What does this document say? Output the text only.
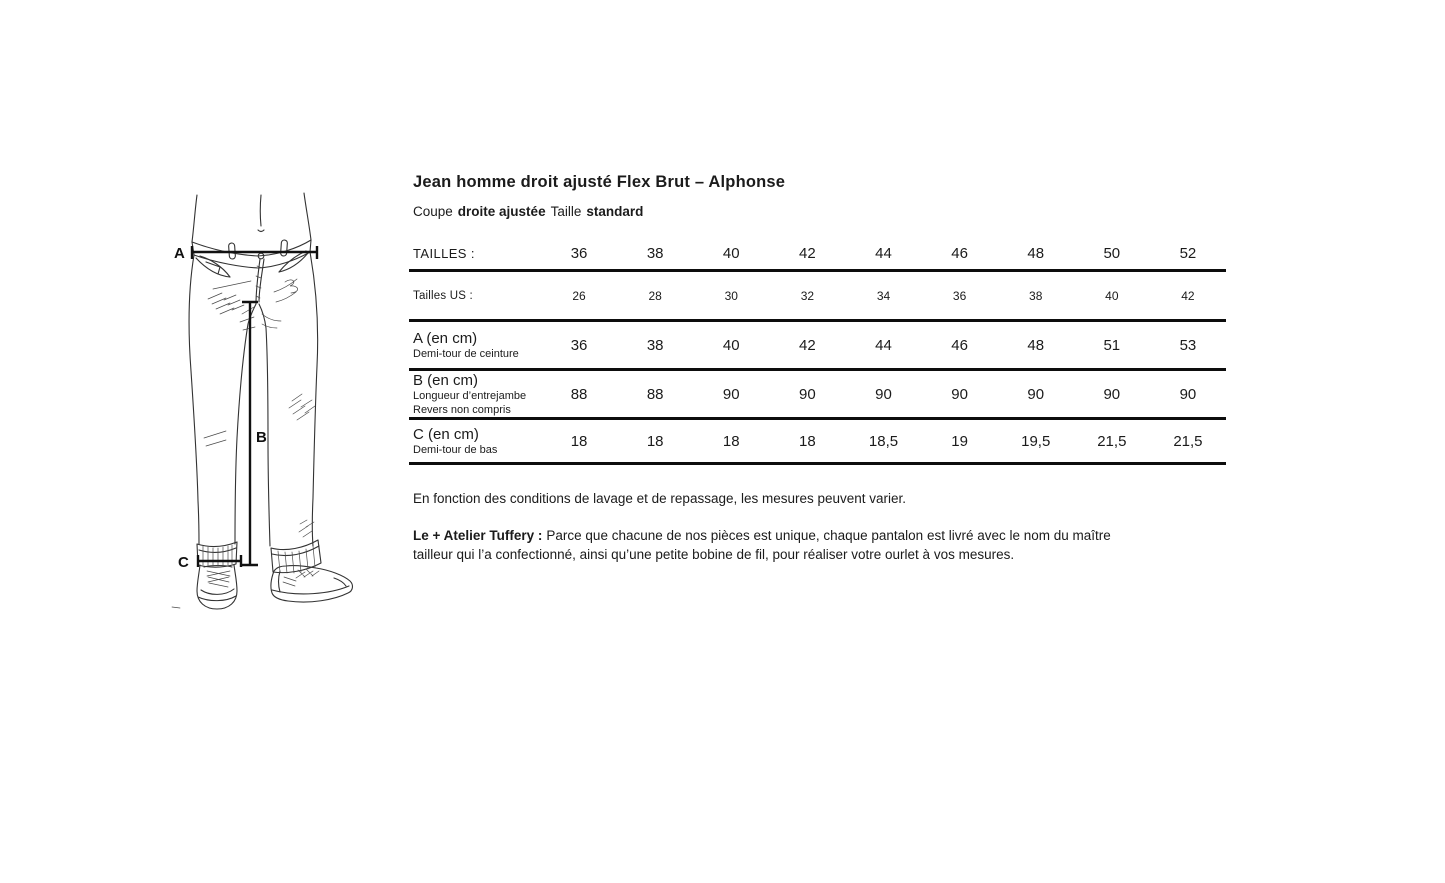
A
B
C
Jean homme droit ajusté Flex Brut – Alphonse
Coupe droite ajustée Taille standard
TAILLES :	36	38	40	42	44	46	48	50	52
Tailles US :	26	28	30	32	34	36	38	40	42
A (en cm)
Demi-tour de ceinture	36	38	40	42	44	46	48	51	53
B (en cm)
Longueur d’entrejambe
Revers non compris
88	88	90	90	90	90	90	90	90
C (en cm)
Demi-tour de bas	18	18	18	18	18,5	19	19,5	21,5	21,5

En fonction des conditions de lavage et de repassage, les mesures peuvent varier.

Le + Atelier Tuffery : Parce que chacune de nos pièces est unique, chaque pantalon est livré avec le nom du maître tailleur qui l’a confectionné, ainsi qu’une petite bobine de fil, pour réaliser votre ourlet à vos mesures.
